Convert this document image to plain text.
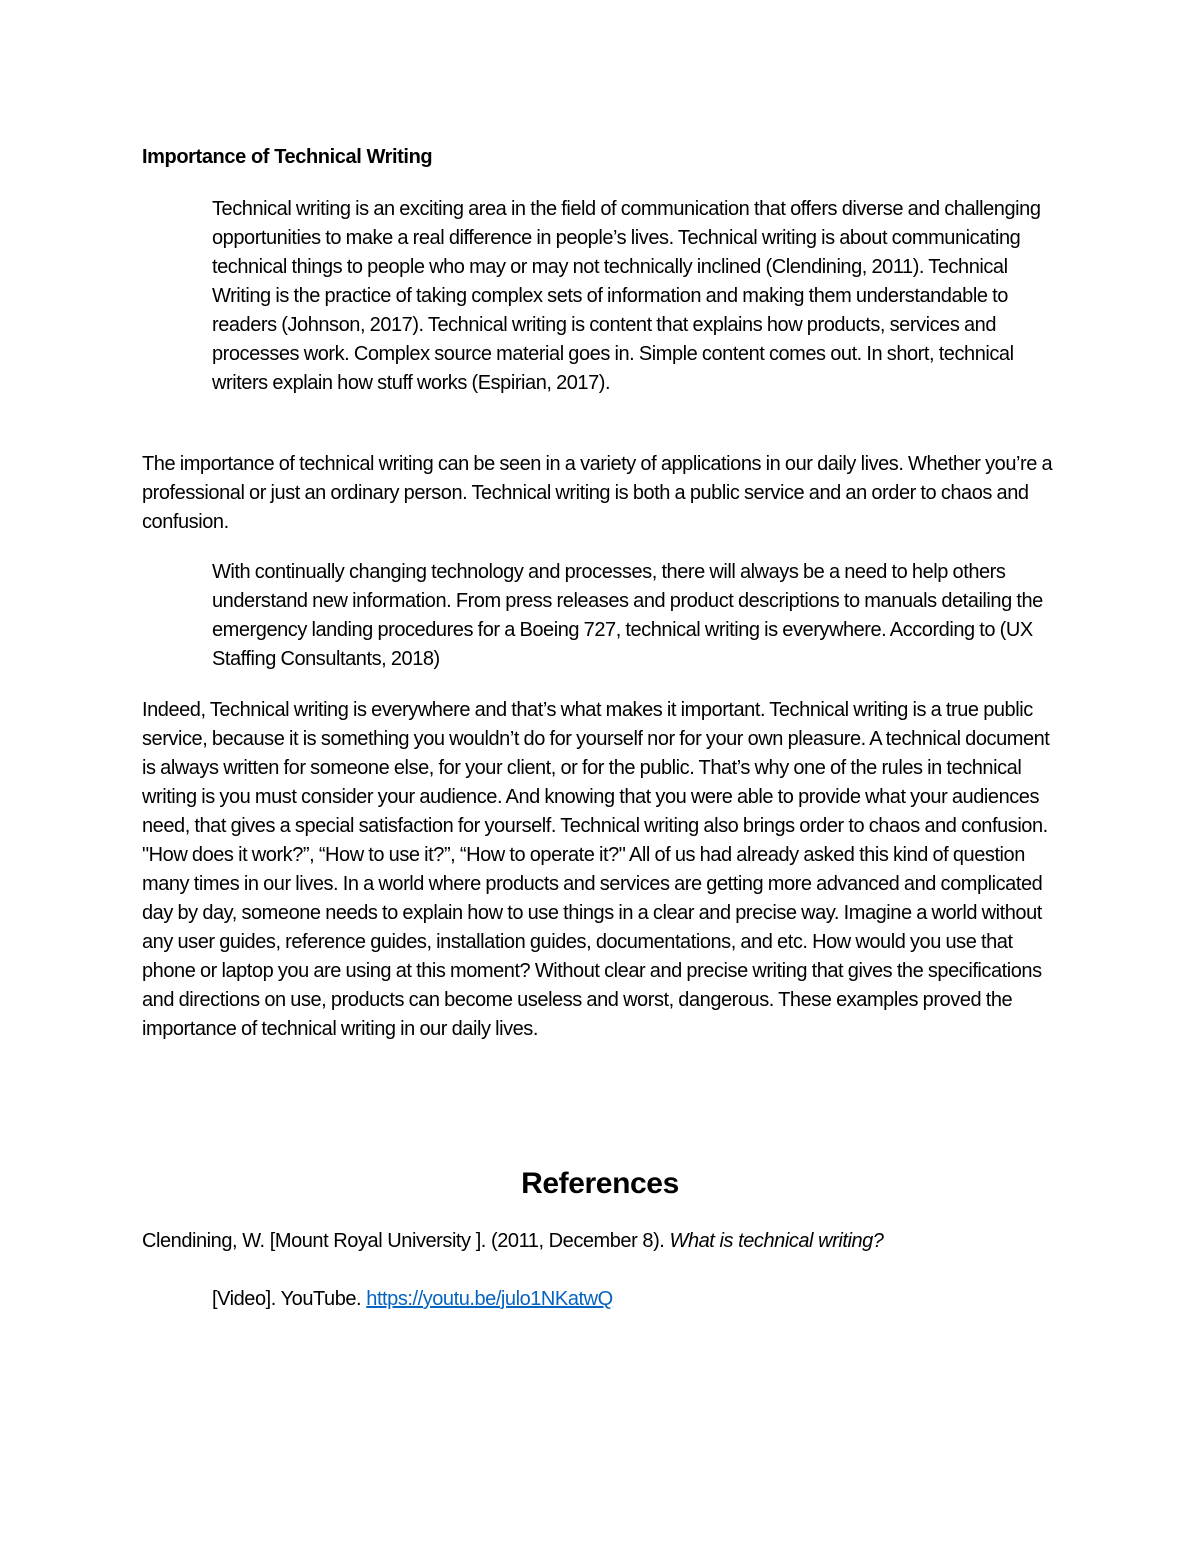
Importance of Technical Writing

Technical writing is an exciting area in the field of communication that offers diverse and challenging opportunities to make a real difference in people’s lives. Technical writing is about communicating technical things to people who may or may not technically inclined (Clendining, 2011). Technical Writing is the practice of taking complex sets of information and making them understandable to readers (Johnson, 2017). Technical writing is content that explains how products, services and processes work. Complex source material goes in. Simple content comes out. In short, technical writers explain how stuff works (Espirian, 2017).

The importance of technical writing can be seen in a variety of applications in our daily lives. Whether you’re a professional or just an ordinary person. Technical writing is both a public service and an order to chaos and confusion.

With continually changing technology and processes, there will always be a need to help others understand new information. From press releases and product descriptions to manuals detailing the emergency landing procedures for a Boeing 727, technical writing is everywhere. According to (UX Staffing Consultants, 2018)

Indeed, Technical writing is everywhere and that’s what makes it important. Technical writing is a true public service, because it is something you wouldn’t do for yourself nor for your own pleasure. A technical document is always written for someone else, for your client, or for the public. That’s why one of the rules in technical writing is you must consider your audience. And knowing that you were able to provide what your audiences need, that gives a special satisfaction for yourself. Technical writing also brings order to chaos and confusion. "How does it work?”, “How to use it?”, “How to operate it?" All of us had already asked this kind of question many times in our lives. In a world where products and services are getting more advanced and complicated day by day, someone needs to explain how to use things in a clear and precise way. Imagine a world without any user guides, reference guides, installation guides, documentations, and etc. How would you use that phone or laptop you are using at this moment? Without clear and precise writing that gives the specifications and directions on use, products can become useless and worst, dangerous. These examples proved the importance of technical writing in our daily lives.

References

Clendining, W. [Mount Royal University ]. (2011, December 8). What is technical writing?

[Video]. YouTube. https://youtu.be/julo1NKatwQ
